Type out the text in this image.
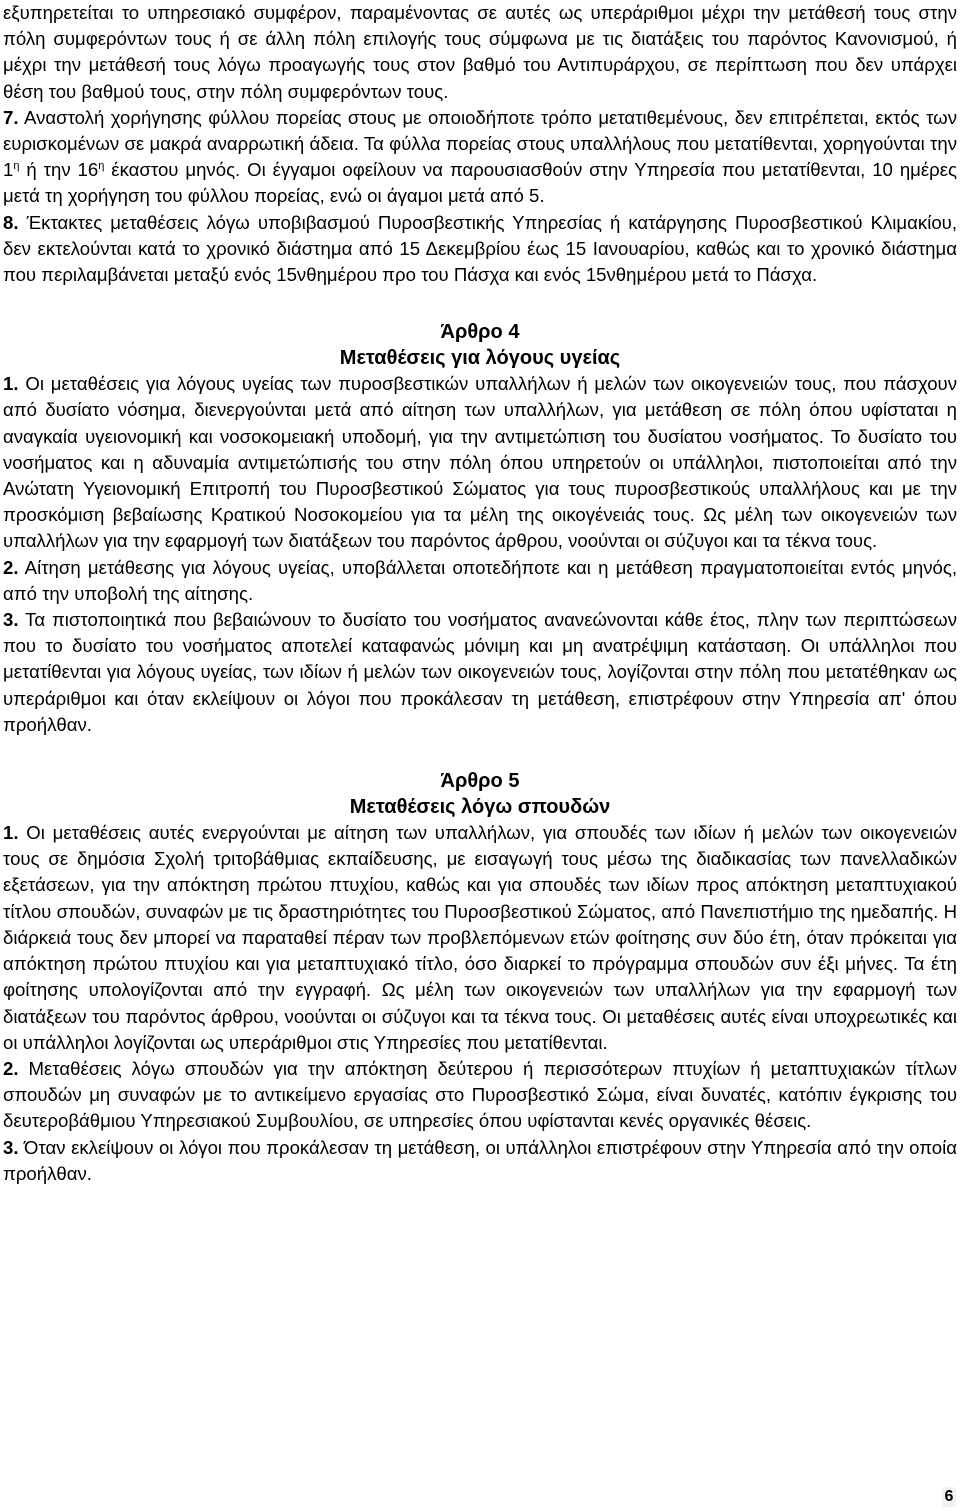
εξυπηρετείται το υπηρεσιακό συμφέρον, παραμένοντας σε αυτές ως υπεράριθμοι μέχρι την μετάθεσή τους στην πόλη συμφερόντων τους ή σε άλλη πόλη επιλογής τους σύμφωνα με τις διατάξεις του παρόντος Κανονισμού, ή μέχρι την μετάθεσή τους λόγω προαγωγής τους στον βαθμό του Αντιπυράρχου, σε περίπτωση που δεν υπάρχει θέση του βαθμού τους, στην πόλη συμφερόντων τους.

7. Αναστολή χορήγησης φύλλου πορείας στους με οποιοδήποτε τρόπο μετατιθεμένους, δεν επιτρέπεται, εκτός των ευρισκομένων σε μακρά αναρρωτική άδεια. Τα φύλλα πορείας στους υπαλλήλους που μετατίθενται, χορηγούνται την $1^\eta$ ή την $16^\eta$ έκαστου μηνός. Οι έγγαμοι οφείλουν να παρουσιασθούν στην Υπηρεσία που μετατίθενται, 10 ημέρες μετά τη χορήγηση του φύλλου πορείας, ενώ οι άγαμοι μετά από 5.

8. Έκτακτες μεταθέσεις λόγω υποβιβασμού Πυροσβεστικής Υπηρεσίας ή κατάργησης Πυροσβεστικού Κλιμακίου, δεν εκτελούνται κατά το χρονικό διάστημα από 15 Δεκεμβρίου έως 15 Ιανουαρίου, καθώς και το χρονικό διάστημα που περιλαμβάνεται μεταξύ ενός 15νθημέρου προ του Πάσχα και ενός 15νθημέρου μετά το Πάσχα.

Άρθρο 4

Μεταθέσεις για λόγους υγείας

1. Οι μεταθέσεις για λόγους υγείας των πυροσβεστικών υπαλλήλων ή μελών των οικογενειών τους, που πάσχουν από δυσίατο νόσημα, διενεργούνται μετά από αίτηση των υπαλλήλων, για μετάθεση σε πόλη όπου υφίσταται η αναγκαία υγειονομική και νοσοκομειακή υποδομή, για την αντιμετώπιση του δυσίατου νοσήματος. Το δυσίατο του νοσήματος και η αδυναμία αντιμετώπισής του στην πόλη όπου υπηρετούν οι υπάλληλοι, πιστοποιείται από την Ανώτατη Υγειονομική Επιτροπή του Πυροσβεστικού Σώματος για τους πυροσβεστικούς υπαλλήλους και με την προσκόμιση βεβαίωσης Κρατικού Νοσοκομείου για τα μέλη της οικογένειάς τους. Ως μέλη των οικογενειών των υπαλλήλων για την εφαρμογή των διατάξεων του παρόντος άρθρου, νοούνται οι σύζυγοι και τα τέκνα τους.

2. Αίτηση μετάθεσης για λόγους υγείας, υποβάλλεται οποτεδήποτε και η μετάθεση πραγματοποιείται εντός μηνός, από την υποβολή της αίτησης.

3. Τα πιστοποιητικά που βεβαιώνουν το δυσίατο του νοσήματος ανανεώνονται κάθε έτος, πλην των περιπτώσεων που το δυσίατο του νοσήματος αποτελεί καταφανώς μόνιμη και μη ανατρέψιμη κατάσταση. Οι υπάλληλοι που μετατίθενται για λόγους υγείας, των ιδίων ή μελών των οικογενειών τους, λογίζονται στην πόλη που μετατέθηκαν ως υπεράριθμοι και όταν εκλείψουν οι λόγοι που προκάλεσαν τη μετάθεση, επιστρέφουν στην Υπηρεσία απ' όπου προήλθαν.

Άρθρο 5

Μεταθέσεις λόγω σπουδών

1. Οι μεταθέσεις αυτές ενεργούνται με αίτηση των υπαλλήλων, για σπουδές των ιδίων ή μελών των οικογενειών τους σε δημόσια Σχολή τριτοβάθμιας εκπαίδευσης, με εισαγωγή τους μέσω της διαδικασίας των πανελλαδικών εξετάσεων, για την απόκτηση πρώτου πτυχίου, καθώς και για σπουδές των ιδίων προς απόκτηση μεταπτυχιακού τίτλου σπουδών, συναφών με τις δραστηριότητες του Πυροσβεστικού Σώματος, από Πανεπιστήμιο της ημεδαπής. Η διάρκειά τους δεν μπορεί να παραταθεί πέραν των προβλεπόμενων ετών φοίτησης συν δύο έτη, όταν πρόκειται για απόκτηση πρώτου πτυχίου και για μεταπτυχιακό τίτλο, όσο διαρκεί το πρόγραμμα σπουδών συν έξι μήνες. Τα έτη φοίτησης υπολογίζονται από την εγγραφή. Ως μέλη των οικογενειών των υπαλλήλων για την εφαρμογή των διατάξεων του παρόντος άρθρου, νοούνται οι σύζυγοι και τα τέκνα τους. Οι μεταθέσεις αυτές είναι υποχρεωτικές και οι υπάλληλοι λογίζονται ως υπεράριθμοι στις Υπηρεσίες που μετατίθενται.

2. Μεταθέσεις λόγω σπουδών για την απόκτηση δεύτερου ή περισσότερων πτυχίων ή μεταπτυχιακών τίτλων σπουδών μη συναφών με το αντικείμενο εργασίας στο Πυροσβεστικό Σώμα, είναι δυνατές, κατόπιν έγκρισης του δευτεροβάθμιου Υπηρεσιακού Συμβουλίου, σε υπηρεσίες όπου υφίστανται κενές οργανικές θέσεις.

3. Όταν εκλείψουν οι λόγοι που προκάλεσαν τη μετάθεση, οι υπάλληλοι επιστρέφουν στην Υπηρεσία από την οποία προήλθαν.

6
